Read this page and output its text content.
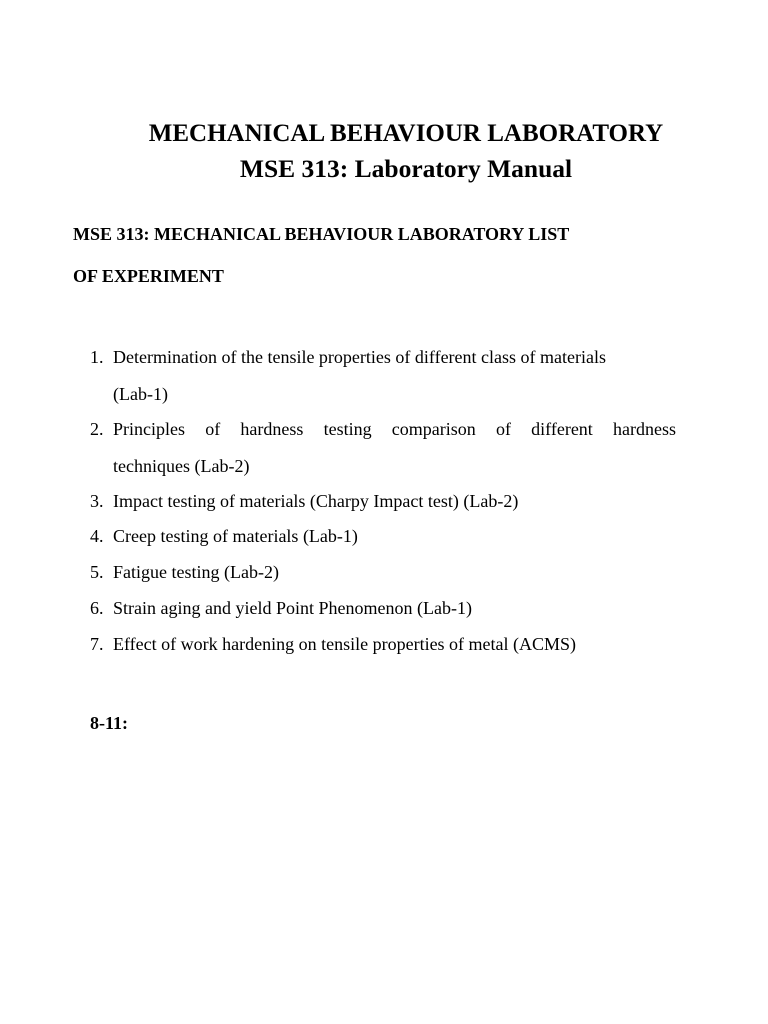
MECHANICAL BEHAVIOUR LABORATORY
MSE 313: Laboratory Manual
MSE 313: MECHANICAL BEHAVIOUR LABORATORY LIST
OF EXPERIMENT
1. Determination of the tensile properties of different class of materials
(Lab-1)
2. Principles of hardness testing comparison of different hardness
techniques (Lab-2)
3. Impact testing of materials (Charpy Impact test) (Lab-2)
4. Creep testing of materials (Lab-1)
5. Fatigue testing (Lab-2)
6. Strain aging and yield Point Phenomenon (Lab-1)
7. Effect of work hardening on tensile properties of metal (ACMS)
8-11:
